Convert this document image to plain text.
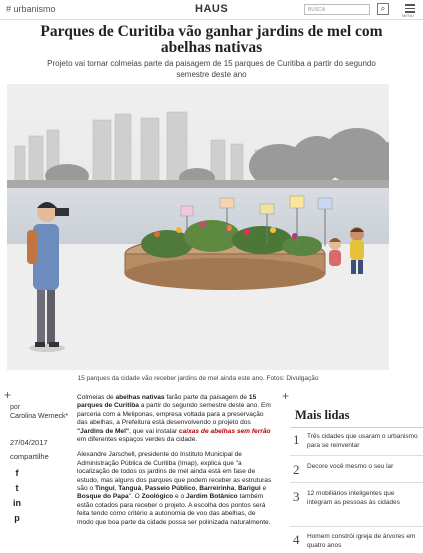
# urbanismo	HAUS	BUSCA	⌕
MENU
Parques de Curitiba vão ganhar jardins de mel com abelhas nativas

Projeto vai tornar colmeias parte da paisagem de 15 parques de Curitiba a partir do segundo semestre deste ano

15 parques da cidade vão receber jardins de mel ainda este ano. Fotos: Divulgação

+
por
Carolina Werneck*
27/04/2017
compartilhe
f
t
in
p

Colmeias de abelhas nativas farão parte da paisagem de 15 parques de Curitiba a partir do segundo semestre deste ano. Em parceria com a Meliponas, empresa voltada para a preservação das abelhas, a Prefeitura está desenvolvendo o projeto dos "Jardins de Mel", que vai instalar caixas de abelhas sem ferrão em diferentes espaços verdes da cidade.

Alexandre Jarschell, presidente do Instituto Municipal de Administração Pública de Curitiba (Imap), explica que "a localização de todos os jardins de mel ainda está em fase de estudo, mas alguns dos parques que podem receber as estruturas são o Tinguí, Tanguá, Passeio Público, Barreirinha, Barigui e Bosque do Papa". O Zoológico e o Jardim Botânico também estão cotados para receber o projeto. A escolha dos pontos será feita tendo como critério a autonomia de voo das abelhas, de modo que boa parte da cidade possa ser polinizada naturalmente.

+
Mais lidas
1 Três cidades que usaram o urbanismo para se reinventar
2 Decore você mesmo o seu lar
3 12 mobiliários inteligentes que integram as pessoas às cidades
4 Homem constrói igreja de árvores em quatro anos
